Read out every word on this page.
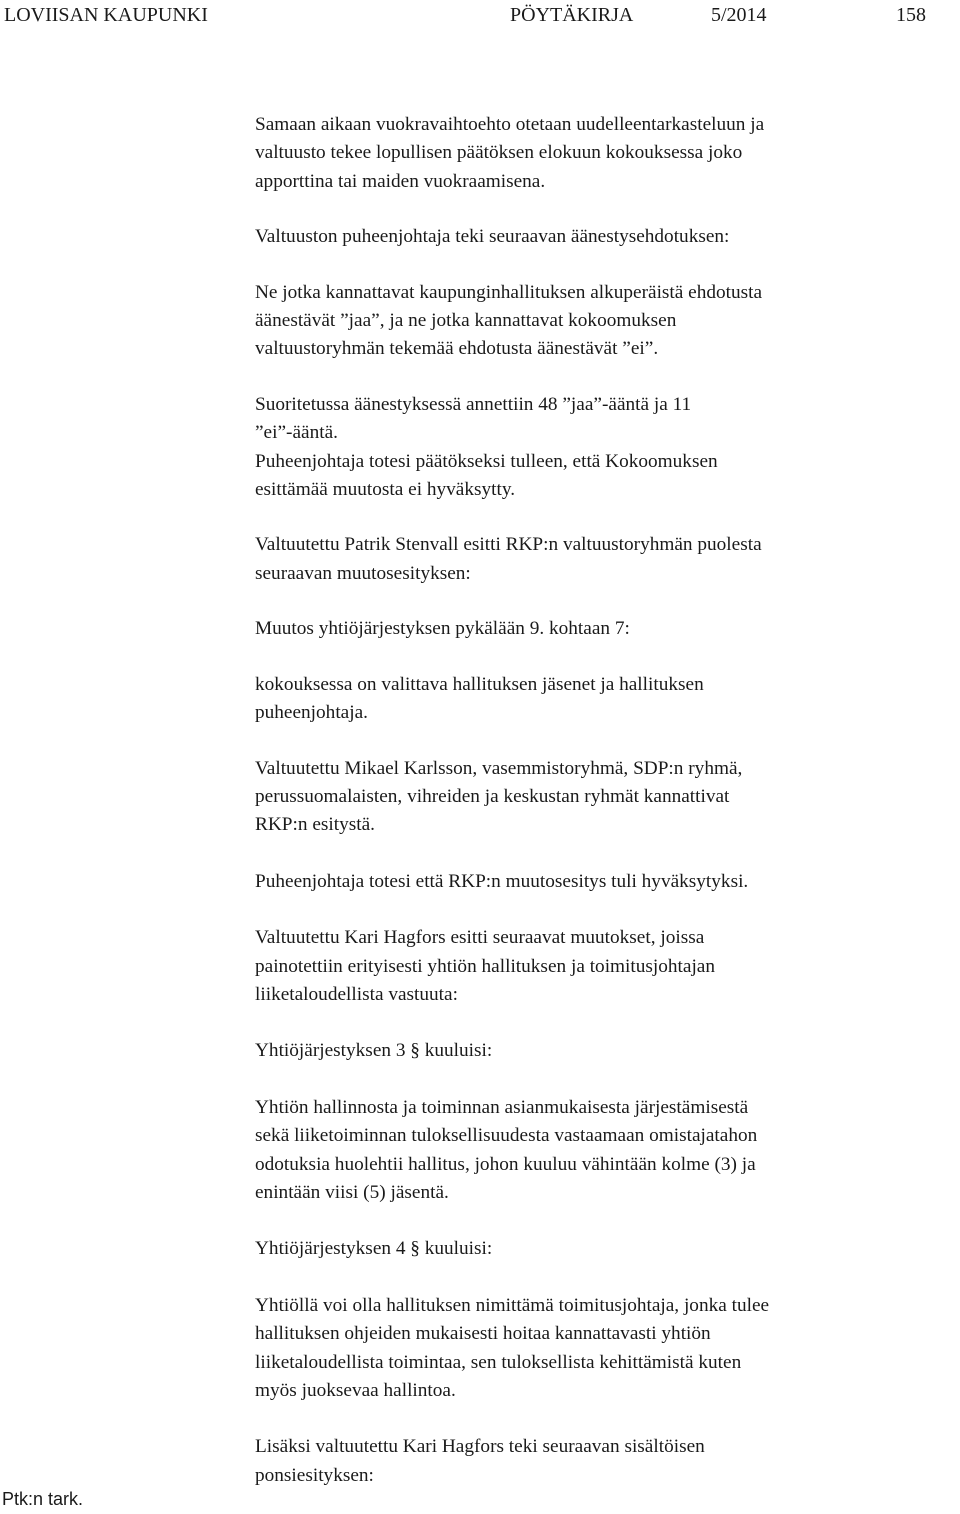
LOVIISAN KAUPUNKI	PÖYTÄKIRJA	5/2014	158

Samaan aikaan vuokravaihtoehto otetaan uudelleentarkasteluun ja
valtuusto tekee lopullisen päätöksen elokuun kokouksessa joko
apporttina tai maiden vuokraamisena.

Valtuuston puheenjohtaja teki seuraavan äänestysehdotuksen:

Ne jotka kannattavat kaupunginhallituksen alkuperäistä ehdotusta
äänestävät ”jaa”, ja ne jotka kannattavat kokoomuksen
valtuustoryhmän tekemää ehdotusta äänestävät ”ei”.

Suoritetussa äänestyksessä annettiin 48 ”jaa”-ääntä ja 11
”ei”-ääntä.

Puheenjohtaja totesi päätökseksi tulleen, että Kokoomuksen
esittämää muutosta ei hyväksytty.

Valtuutettu Patrik Stenvall esitti RKP:n valtuustoryhmän puolesta
seuraavan muutosesityksen:

Muutos yhtiöjärjestyksen pykälään 9. kohtaan 7:

kokouksessa on valittava hallituksen jäsenet ja hallituksen
puheenjohtaja.

Valtuutettu Mikael Karlsson, vasemmistoryhmä, SDP:n ryhmä,
perussuomalaisten, vihreiden ja keskustan ryhmät kannattivat
RKP:n esitystä.

Puheenjohtaja totesi että RKP:n muutosesitys tuli hyväksytyksi.

Valtuutettu Kari Hagfors esitti seuraavat muutokset, joissa
painotettiin erityisesti yhtiön hallituksen ja toimitusjohtajan
liiketaloudellista vastuuta:

Yhtiöjärjestyksen 3 § kuuluisi:

Yhtiön hallinnosta ja toiminnan asianmukaisesta järjestämisestä
sekä liiketoiminnan tuloksellisuudesta vastaamaan omistajatahon
odotuksia huolehtii hallitus, johon kuuluu vähintään kolme (3) ja
enintään viisi (5) jäsentä.

Yhtiöjärjestyksen 4 § kuuluisi:

Yhtiöllä voi olla hallituksen nimittämä toimitusjohtaja, jonka tulee
hallituksen ohjeiden mukaisesti hoitaa kannattavasti yhtiön
liiketaloudellista toimintaa, sen tuloksellista kehittämistä kuten
myös juoksevaa hallintoa.

Lisäksi valtuutettu Kari Hagfors teki seuraavan sisältöisen
ponsiesityksen:

Ptk:n tark.
